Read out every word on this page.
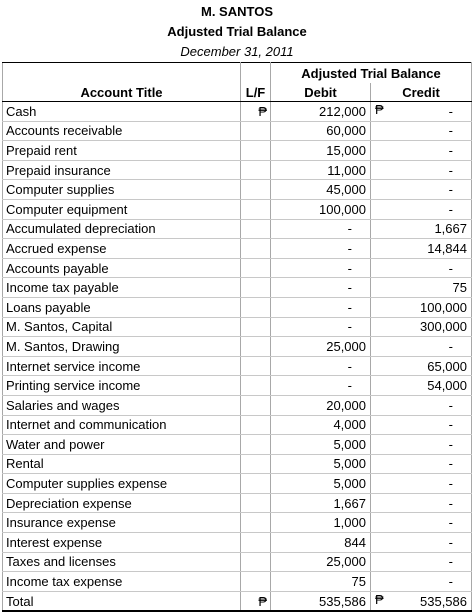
M. SANTOS
Adjusted Trial Balance
December 31, 2011
		Adjusted Trial Balance	
Account Title	L/F	Debit	Credit
Cash	₱	212,000	₱ -
Accounts receivable		60,000	-
Prepaid rent		15,000	-
Prepaid insurance		11,000	-
Computer supplies		45,000	-
Computer equipment		100,000	-
Accumulated depreciation		-	1,667
Accrued expense		-	14,844
Accounts payable		-	-
Income tax payable		-	75
Loans payable		-	100,000
M. Santos, Capital		-	300,000
M. Santos, Drawing		25,000	-
Internet service income		-	65,000
Printing service income		-	54,000
Salaries and wages		20,000	-
Internet and communication		4,000	-
Water and power		5,000	-
Rental		5,000	-
Computer supplies expense		5,000	-
Depreciation expense		1,667	-
Insurance expense		1,000	-
Interest expense		844	-
Taxes and licenses		25,000	-
Income tax expense		75	-
Total	₱	535,586	₱ 535,586
